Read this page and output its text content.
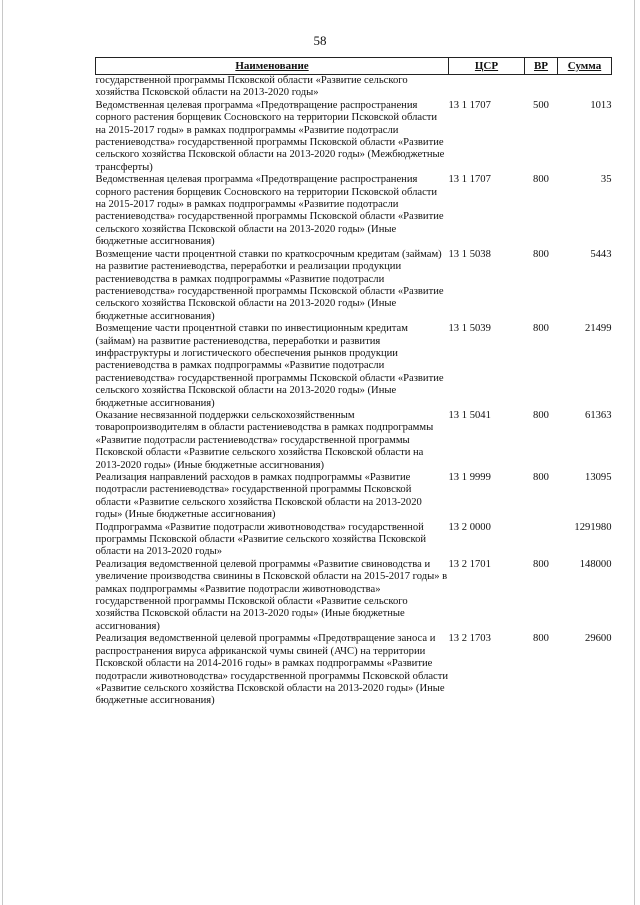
58
Наименование	ЦСР	ВР	Сумма
государственной программы Псковской области «Развитие сельского хозяйства Псковской области на 2013-2020 годы»			
Ведомственная целевая программа «Предотвращение распространения сорного растения борщевик Сосновского на территории Псковской области на 2015-2017 годы» в рамках подпрограммы «Развитие подотрасли растениеводства» государственной программы Псковской области «Развитие сельского хозяйства Псковской области на 2013-2020 годы» (Межбюджетные трансферты)	13 1 1707	500	1013
Ведомственная целевая программа «Предотвращение распространения сорного растения борщевик Сосновского на территории Псковской области на 2015-2017 годы» в рамках подпрограммы «Развитие подотрасли растениеводства» государственной программы Псковской области «Развитие сельского хозяйства Псковской области на 2013-2020 годы» (Иные бюджетные ассигнования)	13 1 1707	800	35
Возмещение части процентной ставки по краткосрочным кредитам (займам) на развитие растениеводства, переработки и реализации продукции растениеводства в рамках подпрограммы «Развитие подотрасли растениеводства» государственной программы Псковской области «Развитие сельского хозяйства Псковской области на 2013-2020 годы» (Иные бюджетные ассигнования)	13 1 5038	800	5443
Возмещение части процентной ставки по инвестиционным кредитам (займам) на развитие растениеводства, переработки и развития инфраструктуры и логистического обеспечения рынков продукции растениеводства в рамках подпрограммы «Развитие подотрасли растениеводства» государственной программы Псковской области «Развитие сельского хозяйства Псковской области на 2013-2020 годы» (Иные бюджетные ассигнования)	13 1 5039	800	21499
Оказание несвязанной поддержки сельскохозяйственным товаропроизводителям в области растениеводства в рамках подпрограммы «Развитие подотрасли растениеводства» государственной программы Псковской области «Развитие сельского хозяйства Псковской области на 2013-2020 годы» (Иные бюджетные ассигнования)	13 1 5041	800	61363
Реализация направлений расходов в рамках подпрограммы «Развитие подотрасли растениеводства» государственной программы Псковской области «Развитие сельского хозяйства Псковской области на 2013-2020 годы» (Иные бюджетные ассигнования)	13 1 9999	800	13095
Подпрограмма «Развитие подотрасли животноводства» государственной программы Псковской области «Развитие сельского хозяйства Псковской области на 2013-2020 годы»	13 2 0000		1291980
Реализация ведомственной целевой программы «Развитие свиноводства и увеличение производства свинины в Псковской области на 2015-2017 годы» в рамках подпрограммы «Развитие подотрасли животноводства» государственной программы Псковской области «Развитие сельского хозяйства Псковской области на 2013-2020 годы» (Иные бюджетные ассигнования)	13 2 1701	800	148000
Реализация ведомственной целевой программы «Предотвращение заноса и распространения вируса африканской чумы свиней (АЧС) на территории Псковской области на 2014-2016 годы» в рамках подпрограммы «Развитие подотрасли животноводства» государственной программы Псковской области «Развитие сельского хозяйства Псковской области на 2013-2020 годы» (Иные бюджетные ассигнования)	13 2 1703	800	29600
